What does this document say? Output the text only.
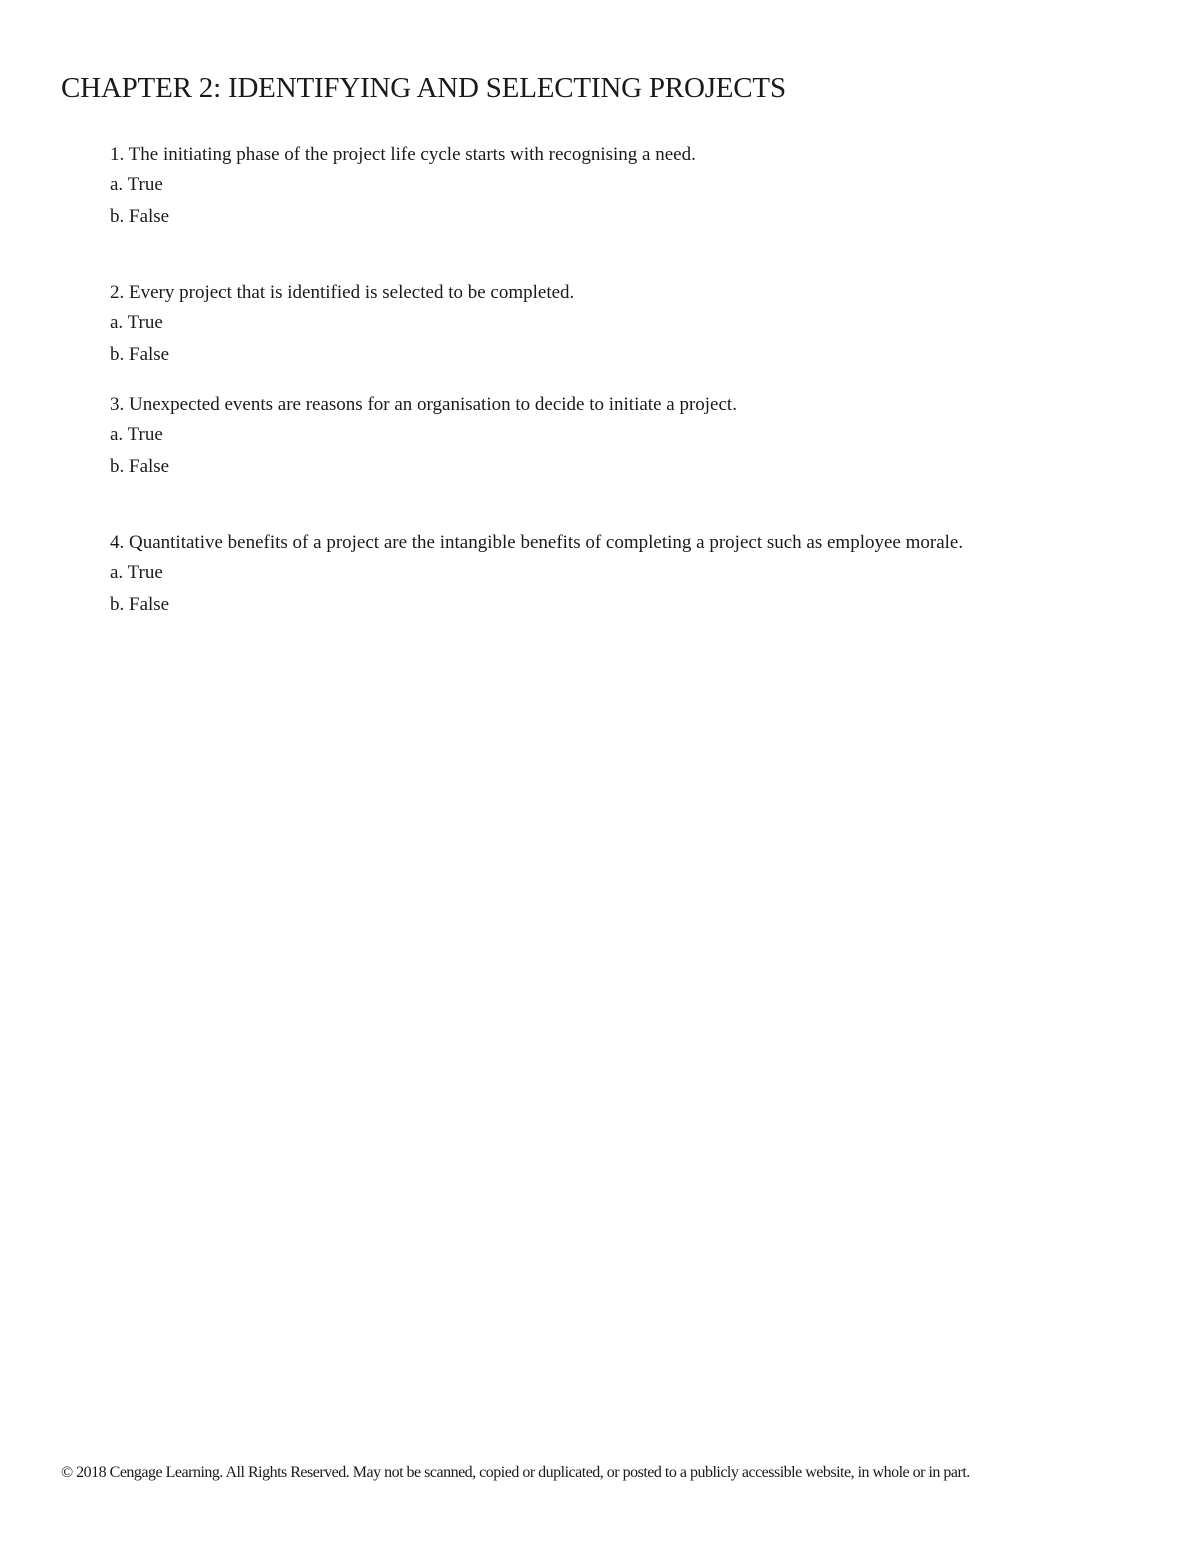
CHAPTER 2: IDENTIFYING AND SELECTING PROJECTS

1. The initiating phase of the project life cycle starts with recognising a need.

a. True

b. False

2. Every project that is identified is selected to be completed.

a. True

b. False

3. Unexpected events are reasons for an organisation to decide to initiate a project.

a. True

b. False

4. Quantitative benefits of a project are the intangible benefits of completing a project such as employee morale.

a. True

b. False

© 2018 Cengage Learning. All Rights Reserved. May not be scanned, copied or duplicated, or posted to a publicly accessible website, in whole or in part.
